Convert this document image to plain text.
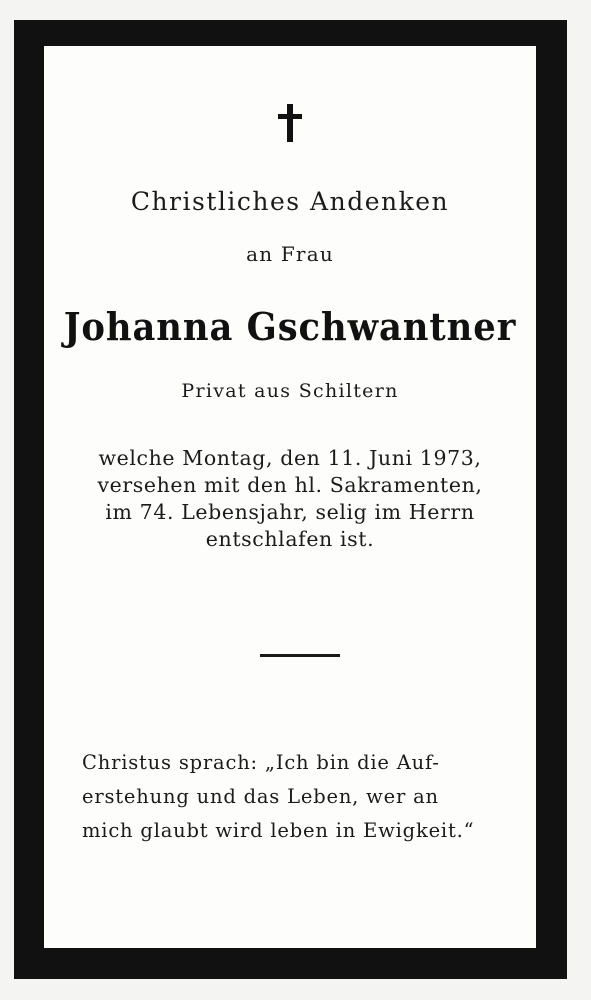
Christliches Andenken
an Frau
Johanna Gschwantner
Privat aus Schiltern
welche Montag, den 11. Juni 1973,
versehen mit den hl. Sakramenten,
im 74. Lebensjahr, selig im Herrn
entschlafen ist.
Christus sprach: „Ich bin die Auf-
erstehung und das Leben, wer an
mich glaubt wird leben in Ewigkeit.“
